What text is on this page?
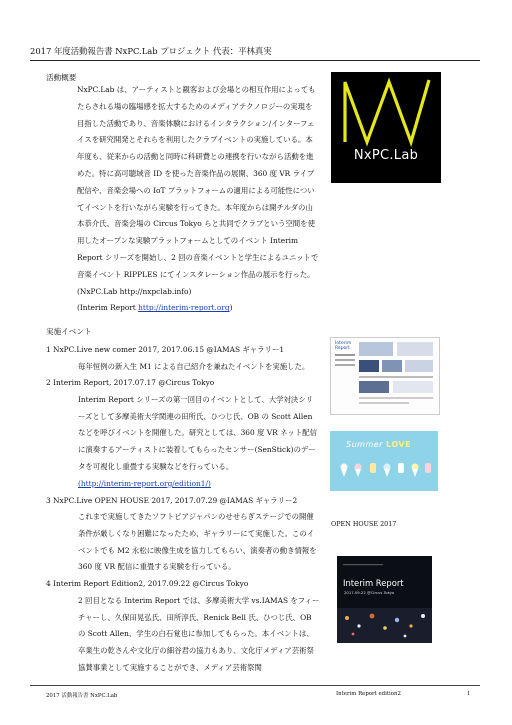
2017 年度活動報告書 NxPC.Lab プロジェクト 代表：平林真実
活動概要

NxPC.Lab は、アーティストと観客および会場との相互作用によってもたらされる場の臨場感を拡大するためのメディアテクノロジーの実現を目指した活動であり、音楽体験におけるインタラクション/インターフェイスを研究開発とそれらを利用したクラブイベントの実施している。本年度も、従来からの活動と同時に科研費との連携を行いながら活動を進めた。特に高可聴域音 ID を使った音楽作品の展開、360 度 VR ライブ配信や、音楽会場への IoT プラットフォームの適用による可能性についてイベントを行いながら実験を行ってきた。本年度からは開チルダの山本恭介氏、音楽会場の Circus Tokyo らと共同でクラブという空間を使用したオープンな実験プラットフォームとしてのイベント Interim Report シリーズを開始し、2 回の音楽イベントと学生によるユニットで音楽イベント RIPPLES にてインスタレーション作品の展示を行った。

(NxPC.Lab http://nxpclab.info)

(Interim Report http://interim-report.org)

実施イベント
1 NxPC.Live new comer 2017, 2017.06.15 @IAMAS ギャラリー1

毎年恒例の新入生 M1 による自己紹介を兼ねたイベントを実施した。

2 Interim Report, 2017.07.17 @Circus Tokyo

Interim Report シリーズの第一回目のイベントとして、大学対決シリーズとして多摩美術大学関連の田所氏、ひつじ氏、OB の Scott Allen などを呼びイベントを開催した。研究としては、360 度 VR ネット配信に演奏するアーティストに装着してもらったセンサー(SenStick)のデータを可視化し重畳する実験などを行っている。

(http://interim-report.org/edition1/)

3 NxPC.Live OPEN HOUSE 2017, 2017.07.29 @IAMAS ギャラリー2

これまで実施してきたソフトピアジャパンのせせらぎステージでの開催条件が厳しくなり困難になったため、ギャラリーにて実施した。このイベントでも M2 永松に映像生成を協力してもらい、演奏者の動き情報を 360 度 VR 配信に重畳する実験を行っている。

4 Interim Report Edition2, 2017.09.22 @Circus Tokyo

2 回目となる Interim Report では、多摩美術大学 vs.IAMAS をフィーチャーし、久保田晃弘氏、田所淳氏、Renick Bell 氏、ひつじ氏、OB の Scott Allen、学生の白石覚也に参加してもらった。本イベントは、卒業生の乾さんや文化庁の細谷君の協力もあり、文化庁メディア芸術祭協賛事業として実施することができ、メディア芸術祭関

NxPC.Lab
Interim Report
Summer LOVE
OPEN HOUSE 2017
Interim Report
2017.09.22 @Circus Tokyo
2017 活動報告書 NxPC.Lab	Interim Report edition2	1
